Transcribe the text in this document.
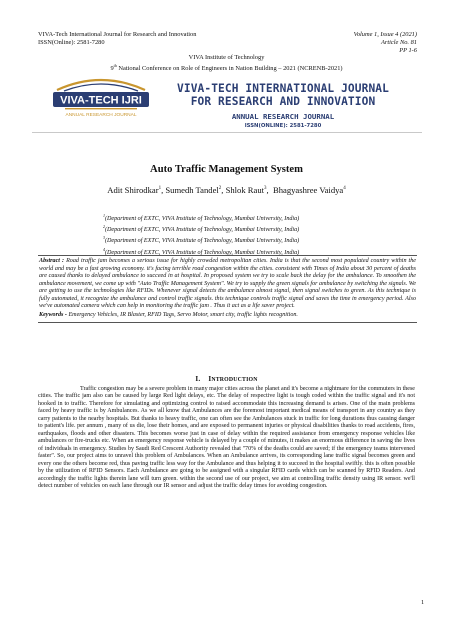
VIVA-Tech International Journal for Research and Innovation
ISSN(Online): 2581-7280
Volume 1, Issue 4 (2021)
Article No. 81
PP 1-6
VIVA Institute of Technology
9th National Conference on Role of Engineers in Nation Building – 2021 (NCRENB-2021)
VIVA-TECH IJRI
ANNUAL RESEARCH JOURNAL
VIVA-TECH INTERNATIONAL JOURNAL
FOR RESEARCH AND INNOVATION
ANNUAL RESEARCH JOURNAL
ISSN(ONLINE): 2581-7280
Auto Traffic Management System
Adit Shirodkar$^1$, Sumedh Tandel$^2$, Shlok Raut$^3$,  Bhagyashree Vaidya$^4$
$^1$(Department of EXTC, VIVA Institute of Technology, Mumbai University, India)
$^2$(Department of EXTC, VIVA Institute of Technology, Mumbai University, India)
$^3$(Department of EXTC, VIVA Institute of Technology, Mumbai University, India)
$^4$(Department of EXTC, VIVA Institute of Technology, Mumbai University, India)

Abstract : Road traffic jam becomes a serious issue for highly crowded metropolitan cities. India is that the second most populated country within the world and may be a fast growing economy. it's facing terrible road congestion within the cities. consistent with Times of India about 30 percent of deaths are caused thanks to delayed ambulance to succeed in at hospital. In proposed system we try to scale back the delay for the ambulance. To smoothen the ambulance movement, we come up with "Auto Traffic Management System". We try to supply the green signals for ambulance by switching the signals. We are getting to use the technologies like RFIDs. Whenever signal detects the ambulance almost signal, then signal switches to green. As this technique is fully automated, it recognize the ambulance and control traffic signals. this technique controls traffic signal and saves the time in emergency period. Also we've automated camera which can help in monitoring the traffic jam . Thus it act as a life saver project.

Keywords - Emergency Vehicles, IR Blaster, RFID Tags, Servo Motor, smart city, traffic lights recognition.

I. INTRODUCTION

Traffic congestion may be a severe problem in many major cities across the planet and it's become a nightmare for the commuters in these cities. The traffic jam also can be caused by large Red light delays, etc. The delay of respective light is tough coded within the traffic signal and it's not hooked in to traffic. Therefore for simulating and optimizing control to raised accommodate this increasing demand is arises. One of the main problems faced by heavy traffic is by Ambulances. As we all know that Ambulances are the foremost important medical means of transport in any country as they carry patients to the nearby hospitals. But thanks to heavy traffic, one can often see the Ambulances stuck in traffic for long durations thus causing danger to patient's life. per annum , many of us die, lose their homes, and are exposed to permanent injuries or physical disabilities thanks to road accidents, fires, earthquakes, floods and other disasters. This becomes worse just in case of delay within the required assistance from emergency response vehicles like ambulances or fire-trucks etc. When an emergency response vehicle is delayed by a couple of minutes, it makes an enormous difference in saving the lives of individuals in emergency. Studies by Saudi Red Crescent Authority revealed that "70% of the deaths could are saved; if the emergency teams intervened faster". So, our project aims to unravel this problem of Ambulances. When an Ambulance arrives, its corresponding lane traffic signal becomes green and every one the others become red, thus paving traffic less way for the Ambulance and thus helping it to succeed in the hospital swiftly. this is often possible by the utilization of RFID Sensors. Each Ambulance are going to be assigned with a singular RFID cards which can be scanned by RFID Readers. And accordingly the traffic lights therein lane will turn green. within the second use of our project, we aim at controlling traffic density using IR sensor. we'll detect number of vehicles on each lane through our IR sensor and adjust the traffic delay times for avoiding congestion.

1
